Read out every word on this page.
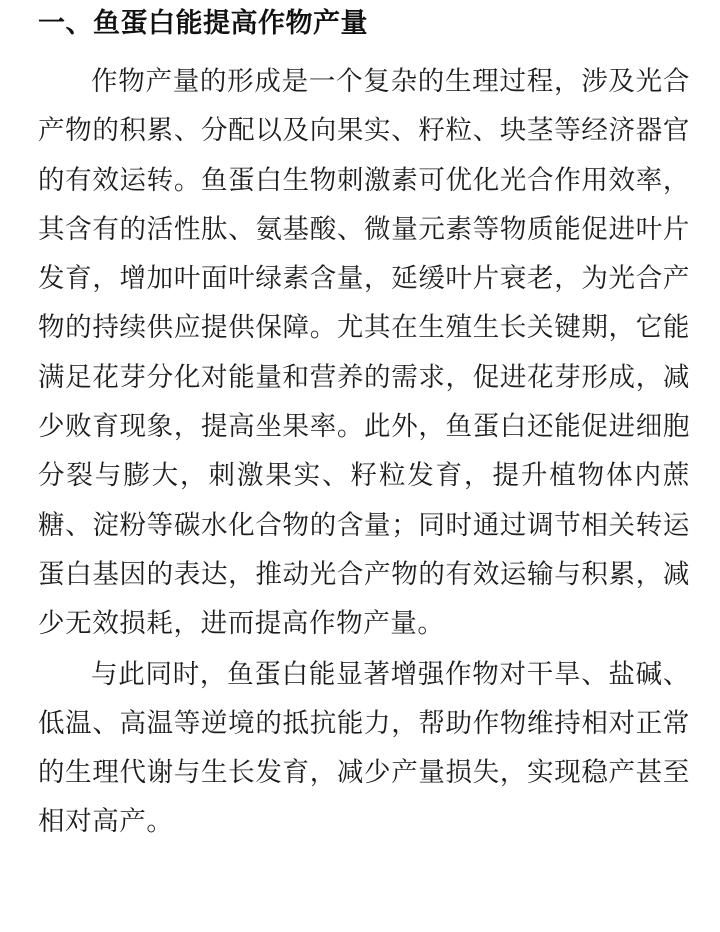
一、鱼蛋白能提高作物产量

作物产量的形成是一个复杂的生理过程，涉及光合产物的积累、分配以及向果实、籽粒、块茎等经济器官的有效运转。鱼蛋白生物刺激素可优化光合作用效率，其含有的活性肽、氨基酸、微量元素等物质能促进叶片发育，增加叶面叶绿素含量，延缓叶片衰老，为光合产物的持续供应提供保障。尤其在生殖生长关键期，它能满足花芽分化对能量和营养的需求，促进花芽形成，减少败育现象，提高坐果率。此外，鱼蛋白还能促进细胞分裂与膨大，刺激果实、籽粒发育，提升植物体内蔗糖、淀粉等碳水化合物的含量；同时通过调节相关转运蛋白基因的表达，推动光合产物的有效运输与积累，减少无效损耗，进而提高作物产量。

与此同时，鱼蛋白能显著增强作物对干旱、盐碱、低温、高温等逆境的抵抗能力，帮助作物维持相对正常的生理代谢与生长发育，减少产量损失，实现稳产甚至相对高产。
